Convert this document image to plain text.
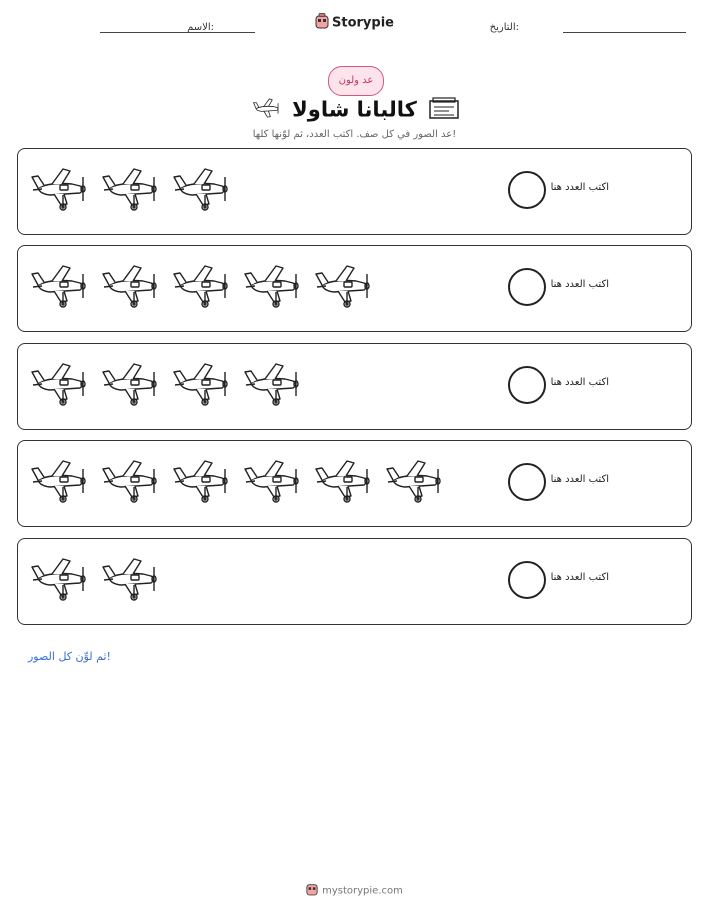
الاسم:	Storypie	التاريخ:
عد ولون
كالبانا شاولا
عد الصور في كل صف. اكتب العدد، ثم لوّنها كلها!
اكتب العدد هنا
اكتب العدد هنا
اكتب العدد هنا
اكتب العدد هنا
اكتب العدد هنا
ثم لوِّن كل الصور!
mystorypie.com
